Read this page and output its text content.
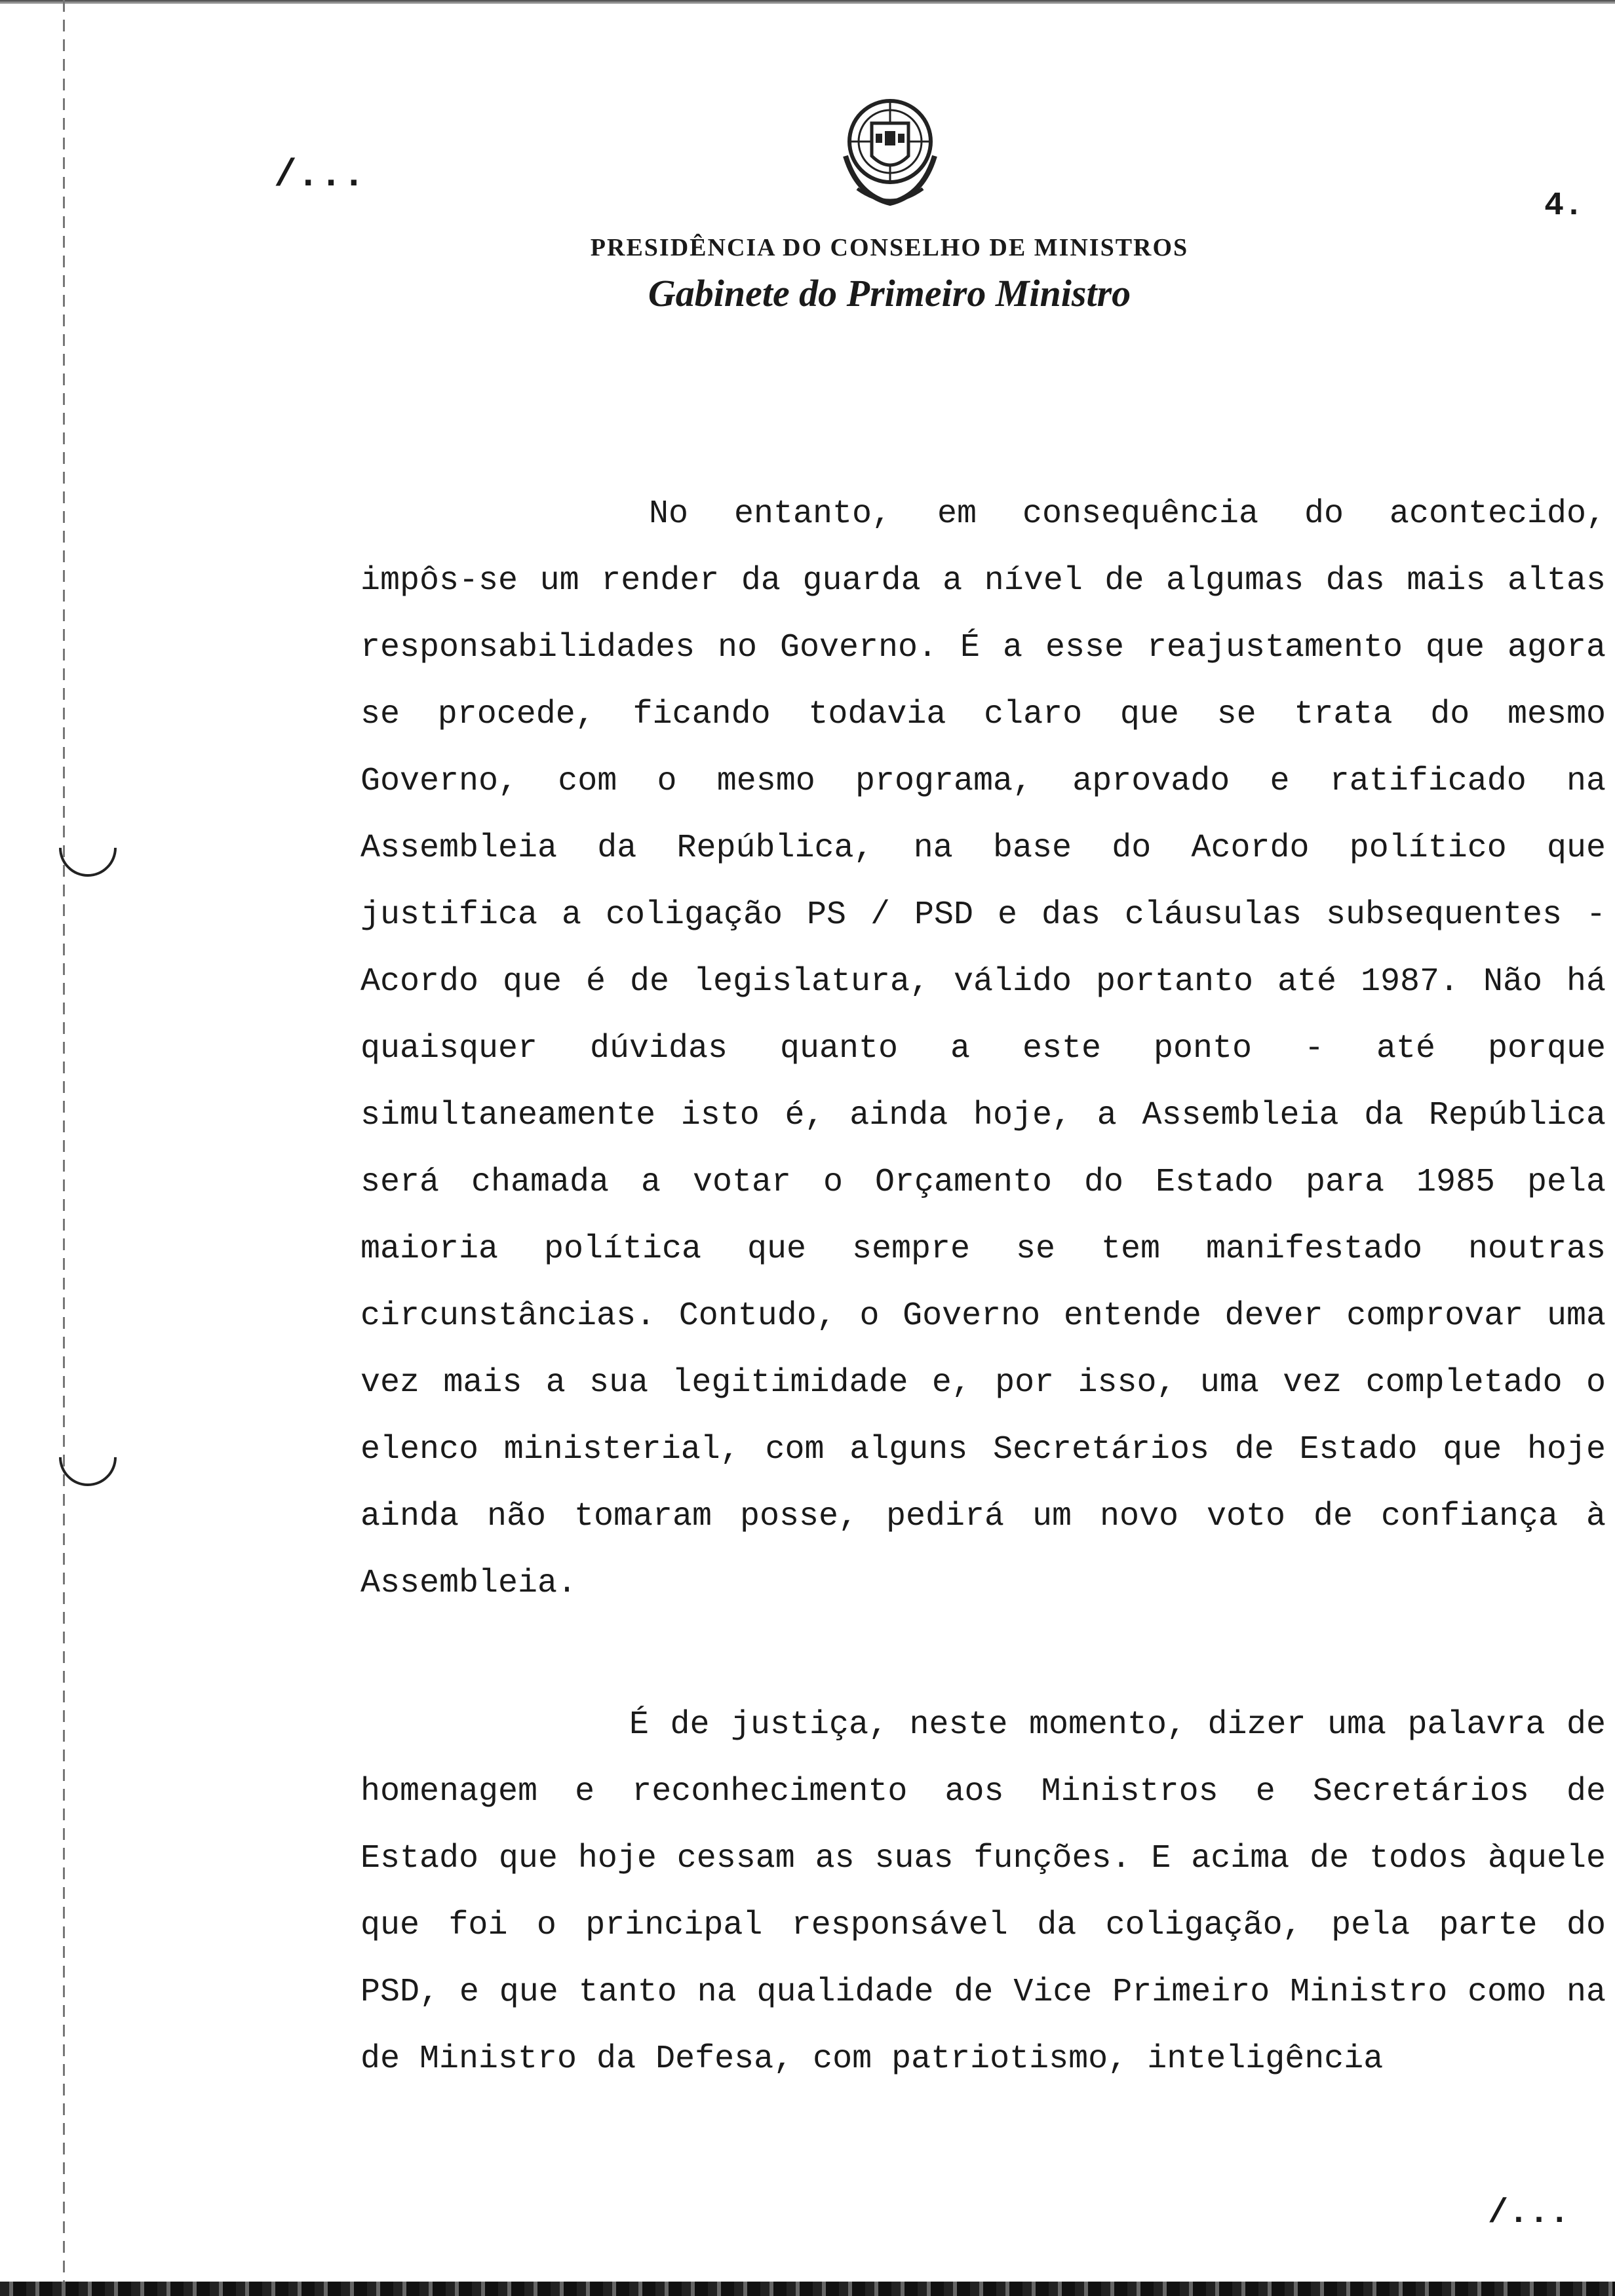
PRESIDÊNCIA DO CONSELHO DE MINISTROS

Gabinete do Primeiro Ministro

/...

4.

No entanto, em consequência do acontecido, impôs-se um render da guarda a nível de algumas das mais altas responsabilidades no Governo. É a esse reajustamento que agora se procede, ficando todavia claro que se trata do mesmo Governo, com o mesmo programa, aprovado e ratificado na Assembleia da República, na base do Acordo político que justifica a coligação PS / PSD e das cláusulas subsequentes - Acordo que é de legislatura, válido portanto até 1987. Não há quaisquer dúvidas quanto a este ponto - até porque simultaneamente isto é, ainda hoje, a Assembleia da República será chamada a votar o Orçamento do Estado para 1985 pela maioria política que sempre se tem manifestado noutras circunstâncias. Contudo, o Governo entende dever comprovar uma vez mais a sua legitimidade e, por isso, uma vez completado o elenco ministerial, com alguns Secretários de Estado que hoje ainda não tomaram posse, pedirá um novo voto de confiança à Assembleia.

É de justiça, neste momento, dizer uma palavra de homenagem e reconhecimento aos Ministros e Secretários de Estado que hoje cessam as suas funções. E acima de todos àquele que foi o principal responsável da coligação, pela parte do PSD, e que tanto na qualidade de Vice Primeiro Ministro como na de Ministro da Defesa, com patriotismo, inteligência

/...
